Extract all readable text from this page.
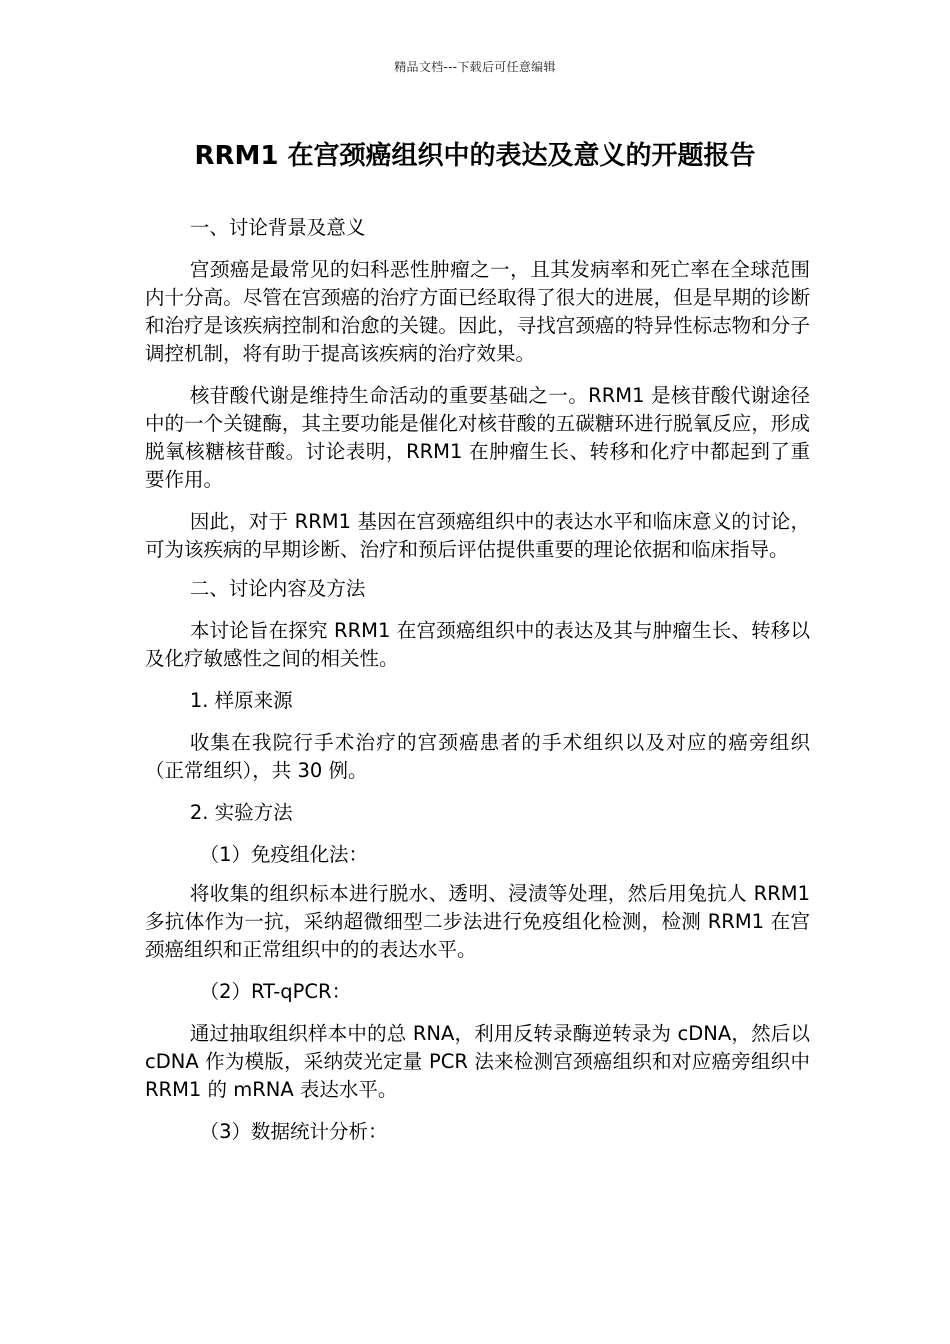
精品文档---下载后可任意编辑
RRM1 在宫颈癌组织中的表达及意义的开题报告

一、讨论背景及意义

宫颈癌是最常见的妇科恶性肿瘤之一，且其发病率和死亡率在全球范围内十分高。尽管在宫颈癌的治疗方面已经取得了很大的进展，但是早期的诊断和治疗是该疾病控制和治愈的关键。因此，寻找宫颈癌的特异性标志物和分子调控机制，将有助于提高该疾病的治疗效果。

核苷酸代谢是维持生命活动的重要基础之一。RRM1 是核苷酸代谢途径中的一个关键酶，其主要功能是催化对核苷酸的五碳糖环进行脱氧反应，形成脱氧核糖核苷酸。讨论表明，RRM1 在肿瘤生长、转移和化疗中都起到了重要作用。

因此，对于 RRM1 基因在宫颈癌组织中的表达水平和临床意义的讨论，可为该疾病的早期诊断、治疗和预后评估提供重要的理论依据和临床指导。

二、讨论内容及方法

本讨论旨在探究 RRM1 在宫颈癌组织中的表达及其与肿瘤生长、转移以及化疗敏感性之间的相关性。

1. 样原来源

收集在我院行手术治疗的宫颈癌患者的手术组织以及对应的癌旁组织（正常组织），共 30 例。

2. 实验方法

（1）免疫组化法：

将收集的组织标本进行脱水、透明、浸渍等处理，然后用兔抗人 RRM1 多抗体作为一抗，采纳超微细型二步法进行免疫组化检测，检测 RRM1 在宫颈癌组织和正常组织中的的表达水平。

（2）RT-qPCR：

通过抽取组织样本中的总 RNA，利用反转录酶逆转录为 cDNA，然后以 cDNA 作为模版，采纳荧光定量 PCR 法来检测宫颈癌组织和对应癌旁组织中 RRM1 的 mRNA 表达水平。

（3）数据统计分析：
